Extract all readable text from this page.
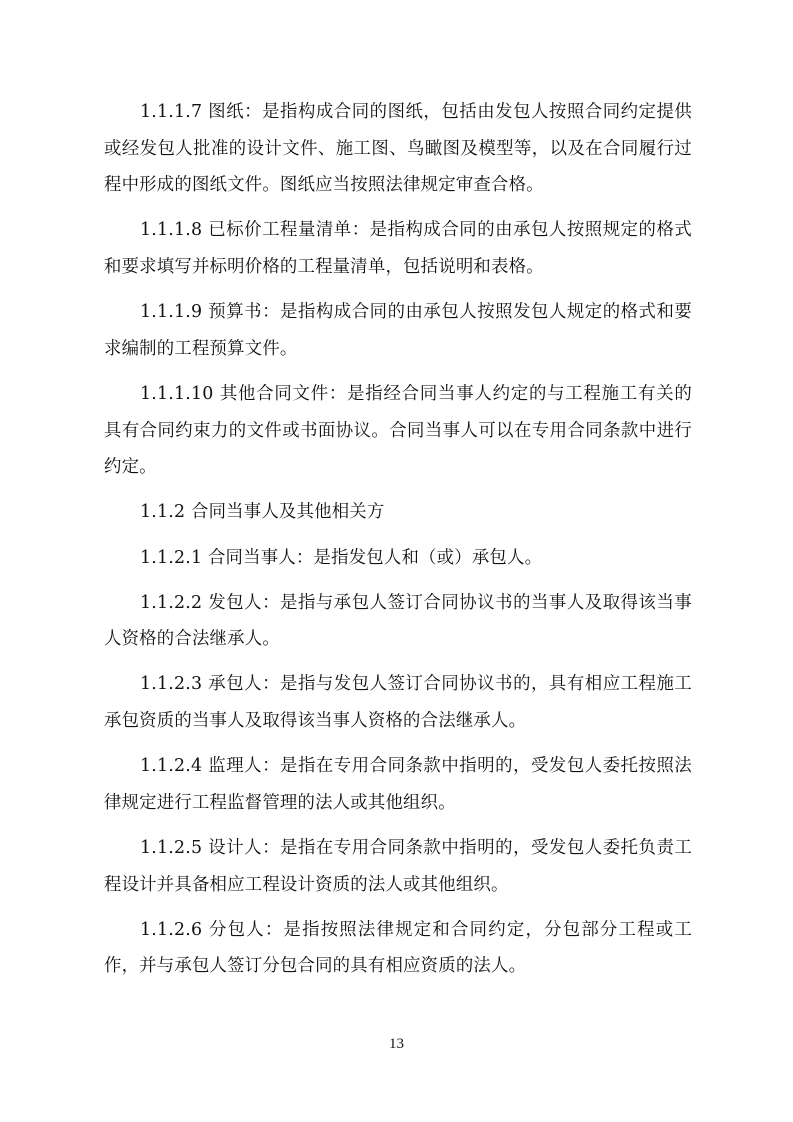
1.1.1.7 图纸：是指构成合同的图纸，包括由发包人按照合同约定提供或经发包人批准的设计文件、施工图、鸟瞰图及模型等，以及在合同履行过程中形成的图纸文件。图纸应当按照法律规定审查合格。

1.1.1.8 已标价工程量清单：是指构成合同的由承包人按照规定的格式和要求填写并标明价格的工程量清单，包括说明和表格。

1.1.1.9 预算书：是指构成合同的由承包人按照发包人规定的格式和要求编制的工程预算文件。

1.1.1.10 其他合同文件：是指经合同当事人约定的与工程施工有关的具有合同约束力的文件或书面协议。合同当事人可以在专用合同条款中进行约定。

1.1.2 合同当事人及其他相关方

1.1.2.1 合同当事人：是指发包人和（或）承包人。

1.1.2.2 发包人：是指与承包人签订合同协议书的当事人及取得该当事人资格的合法继承人。

1.1.2.3 承包人：是指与发包人签订合同协议书的，具有相应工程施工承包资质的当事人及取得该当事人资格的合法继承人。

1.1.2.4 监理人：是指在专用合同条款中指明的，受发包人委托按照法律规定进行工程监督管理的法人或其他组织。

1.1.2.5 设计人：是指在专用合同条款中指明的，受发包人委托负责工程设计并具备相应工程设计资质的法人或其他组织。

1.1.2.6 分包人：是指按照法律规定和合同约定，分包部分工程或工作，并与承包人签订分包合同的具有相应资质的法人。

13
